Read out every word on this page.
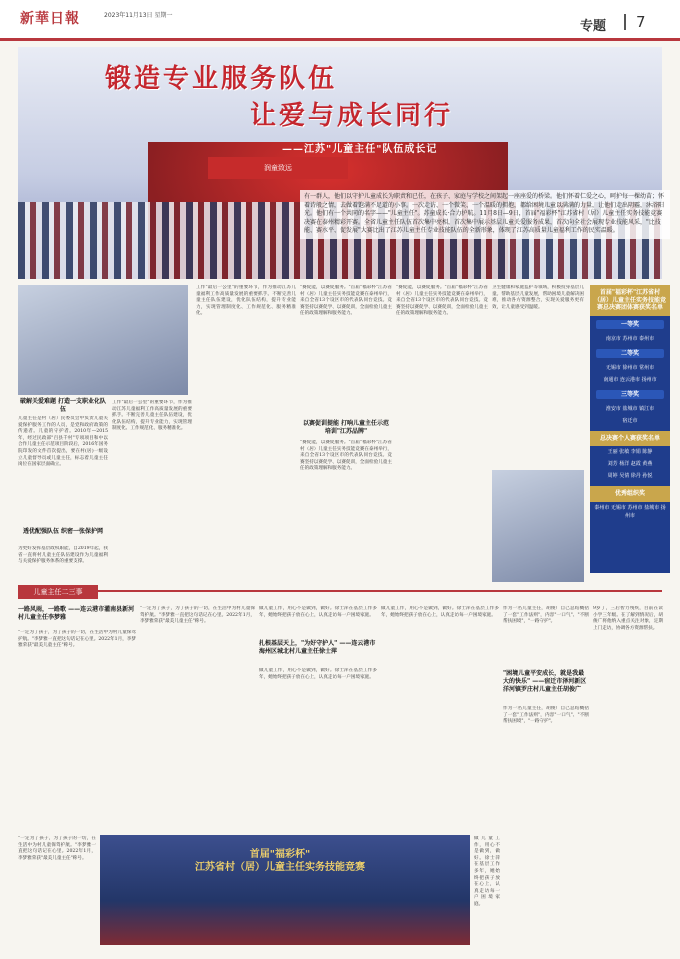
新華日報	2023年11月13日 星期一
专题 7
润童致远
锻造专业服务队伍
让爱与成长同行
——江苏"儿童主任"队伍成长记
有一群人，他们以守护儿童成长为职责和已任，在孩子、家庭与学校之间架起一座座爱的桥梁。他们怀着仁爱之心，呵护每一棵幼苗；怀着诗般之情，去做着饱满不足道的小事。一次走访、一个微笑、一个温暖的拥抱，都给困境儿童以满满的力量，让他们走出阴霾，沐浴阳光。他们有一个共同的名字——"儿童主任"。苏童成长·合力护航。11月8日—9日，首届"福彩杯"江苏省村（居）儿童主任实务技能竞赛决赛在泰州精彩开赛。全省儿童主任队伍首次集中亮相，首次集中展示基层儿童关爱服务成果，首次向全社会展现专业技能风采，"比技能、赛水平、促发展"大赛比出了江苏儿童主任专业技能队伍的全新形象，体现了江苏高质量儿童福利工作的民实温暖。
破解关爱难题 打造一支职业化队伍
儿童主任是村（居）民委员会中负责儿童关爱保护服务工作的人员，是党和政府政策的传递者。儿童的守护者。2010年—2015年，经过民政部"百县千村"专项项目和中以合作儿童主任示范项目阶段后，2016年国务院印发的文件首次提出，要在村(居)一级设立儿童督导员或儿童主任，标志着儿童主任岗位在国家层面确立。
透优配强队伍 织密一张保护网
为更好发挥基层政权职能，自2019年起，我省一直将村儿童主任队伍建设作为儿童福利与关爱保护服务体系的重要支撑。
工作"最后一公里"的重要环节，作为推动江苏儿童福利工作高质量发展的重要抓手。不断完善儿童主任队伍建设，优化队伍结构，提升专业能力，实现管理制度化、工作规范化、服务精准化。
工作"最后一公里"的重要环节，作为推动江苏儿童福利工作高质量发展的重要抓手。不断完善儿童主任队伍建设，优化队伍结构，提升专业能力，实现管理制度化、工作规范化、服务精准化。
"赛促能，以赛促服务。"首届"福彩杯"江苏省村（居）儿童主任实务技能竞赛在泰州举行，来自全省13个设区市的代表队同台竞技。竞赛坚持以赛促学、以赛促训，全面检验儿童主任的政策理解和服务能力。
以赛促训提能 打响儿童主任示范培训"江苏品牌"
"赛促能，以赛促服务。"首届"福彩杯"江苏省村（居）儿童主任实务技能竞赛在泰州举行，来自全省13个设区市的代表队同台竞技。竞赛坚持以赛促学、以赛促训，全面检验儿童主任的政策理解和服务能力。
"赛促能，以赛促服务。"首届"福彩杯"江苏省村（居）儿童主任实务技能竞赛在泰州举行，来自全省13个设区市的代表队同台竞技。竞赛坚持以赛促学、以赛促训，全面检验儿童主任的政策理解和服务能力。
卫生健康和家庭监护等领域，积极投身基层儿童。帮助基层儿童发展，帮助困境儿童解决困难，推动各方资源整合，实现关爱服务更有效，让儿童感受到温暖。
首届"福彩杯"江苏省村（居）儿童主任实务技能竞赛总决赛团体赛获奖名单
一等奖
南京市 苏州市 泰州市
二等奖
无锡市 徐州市 常州市
南通市 连云港市 扬州市
三等奖
淮安市 盐城市 镇江市
宿迁市
总决赛个人赛获奖名单
王丽 张敏 李娟 陈静
刘芳 杨洋 赵霞 黄燕
周婷 吴倩 徐丹 孙悦
优秀组织奖
泰州市 无锡市 苏州市 盐城市 扬州市
儿童主任二三事
一路风雨，一路歌 ——连云港市灌南县新河村儿童主任李梦雅
"一定为了孩子，为了孩子的一切，在生活中为村儿童保驾护航。"李梦雅一直把这句话记在心里。2022年1月，李梦雅荣获"最美儿童主任"称号。
"一定为了孩子，为了孩子的一切，在生活中为村儿童保驾护航。"李梦雅一直把这句话记在心里。2022年1月，李梦雅荣获"最美儿童主任"称号。
扎根基层天上，"为好守护人" ——连云港市海州区城北村儿童主任徐士萍
做儿童工作，用心不是做到，做好。徐士萍在基层工作多年，她始终把孩子放在心上，认真走访每一户困境家庭。
做儿童工作，用心不是做到，做好。徐士萍在基层工作多年，她始终把孩子放在心上，认真走访每一户困境家庭。
做儿童工作，用心不是做到，做好。徐士萍在基层工作多年，她始终把孩子放在心上，认真走访每一户困境家庭。
作为一名儿童主任，胡俊广自己总结概括了一套"工作法则"，内容"一口气"、"不断帮扶困境"，"一路守护"。
"困境儿童平安成长，就是我最大的快乐" ——宿迁市泽河新区洋河镇罗庄村儿童主任胡俊广
作为一名儿童主任，胡俊广自己总结概括了一套"工作法则"，内容"一口气"、"不断帮扶困境"，"一路守护"。
9岁了，三后智力残疾，目前在读小学三年级。在了解到情况后，胡俊广将他纳入重点关注对象，定期上门走访，协调各方资源帮扶。
首届"福彩杯"
江苏省村（居）儿童主任实务技能竞赛
"一定为了孩子，为了孩子的一切，在生活中为村儿童保驾护航。"李梦雅一直把这句话记在心里。2022年1月，李梦雅荣获"最美儿童主任"称号。
做儿童工作，用心不是做到，做好。徐士萍在基层工作多年，她始终把孩子放在心上，认真走访每一户困境家庭。
